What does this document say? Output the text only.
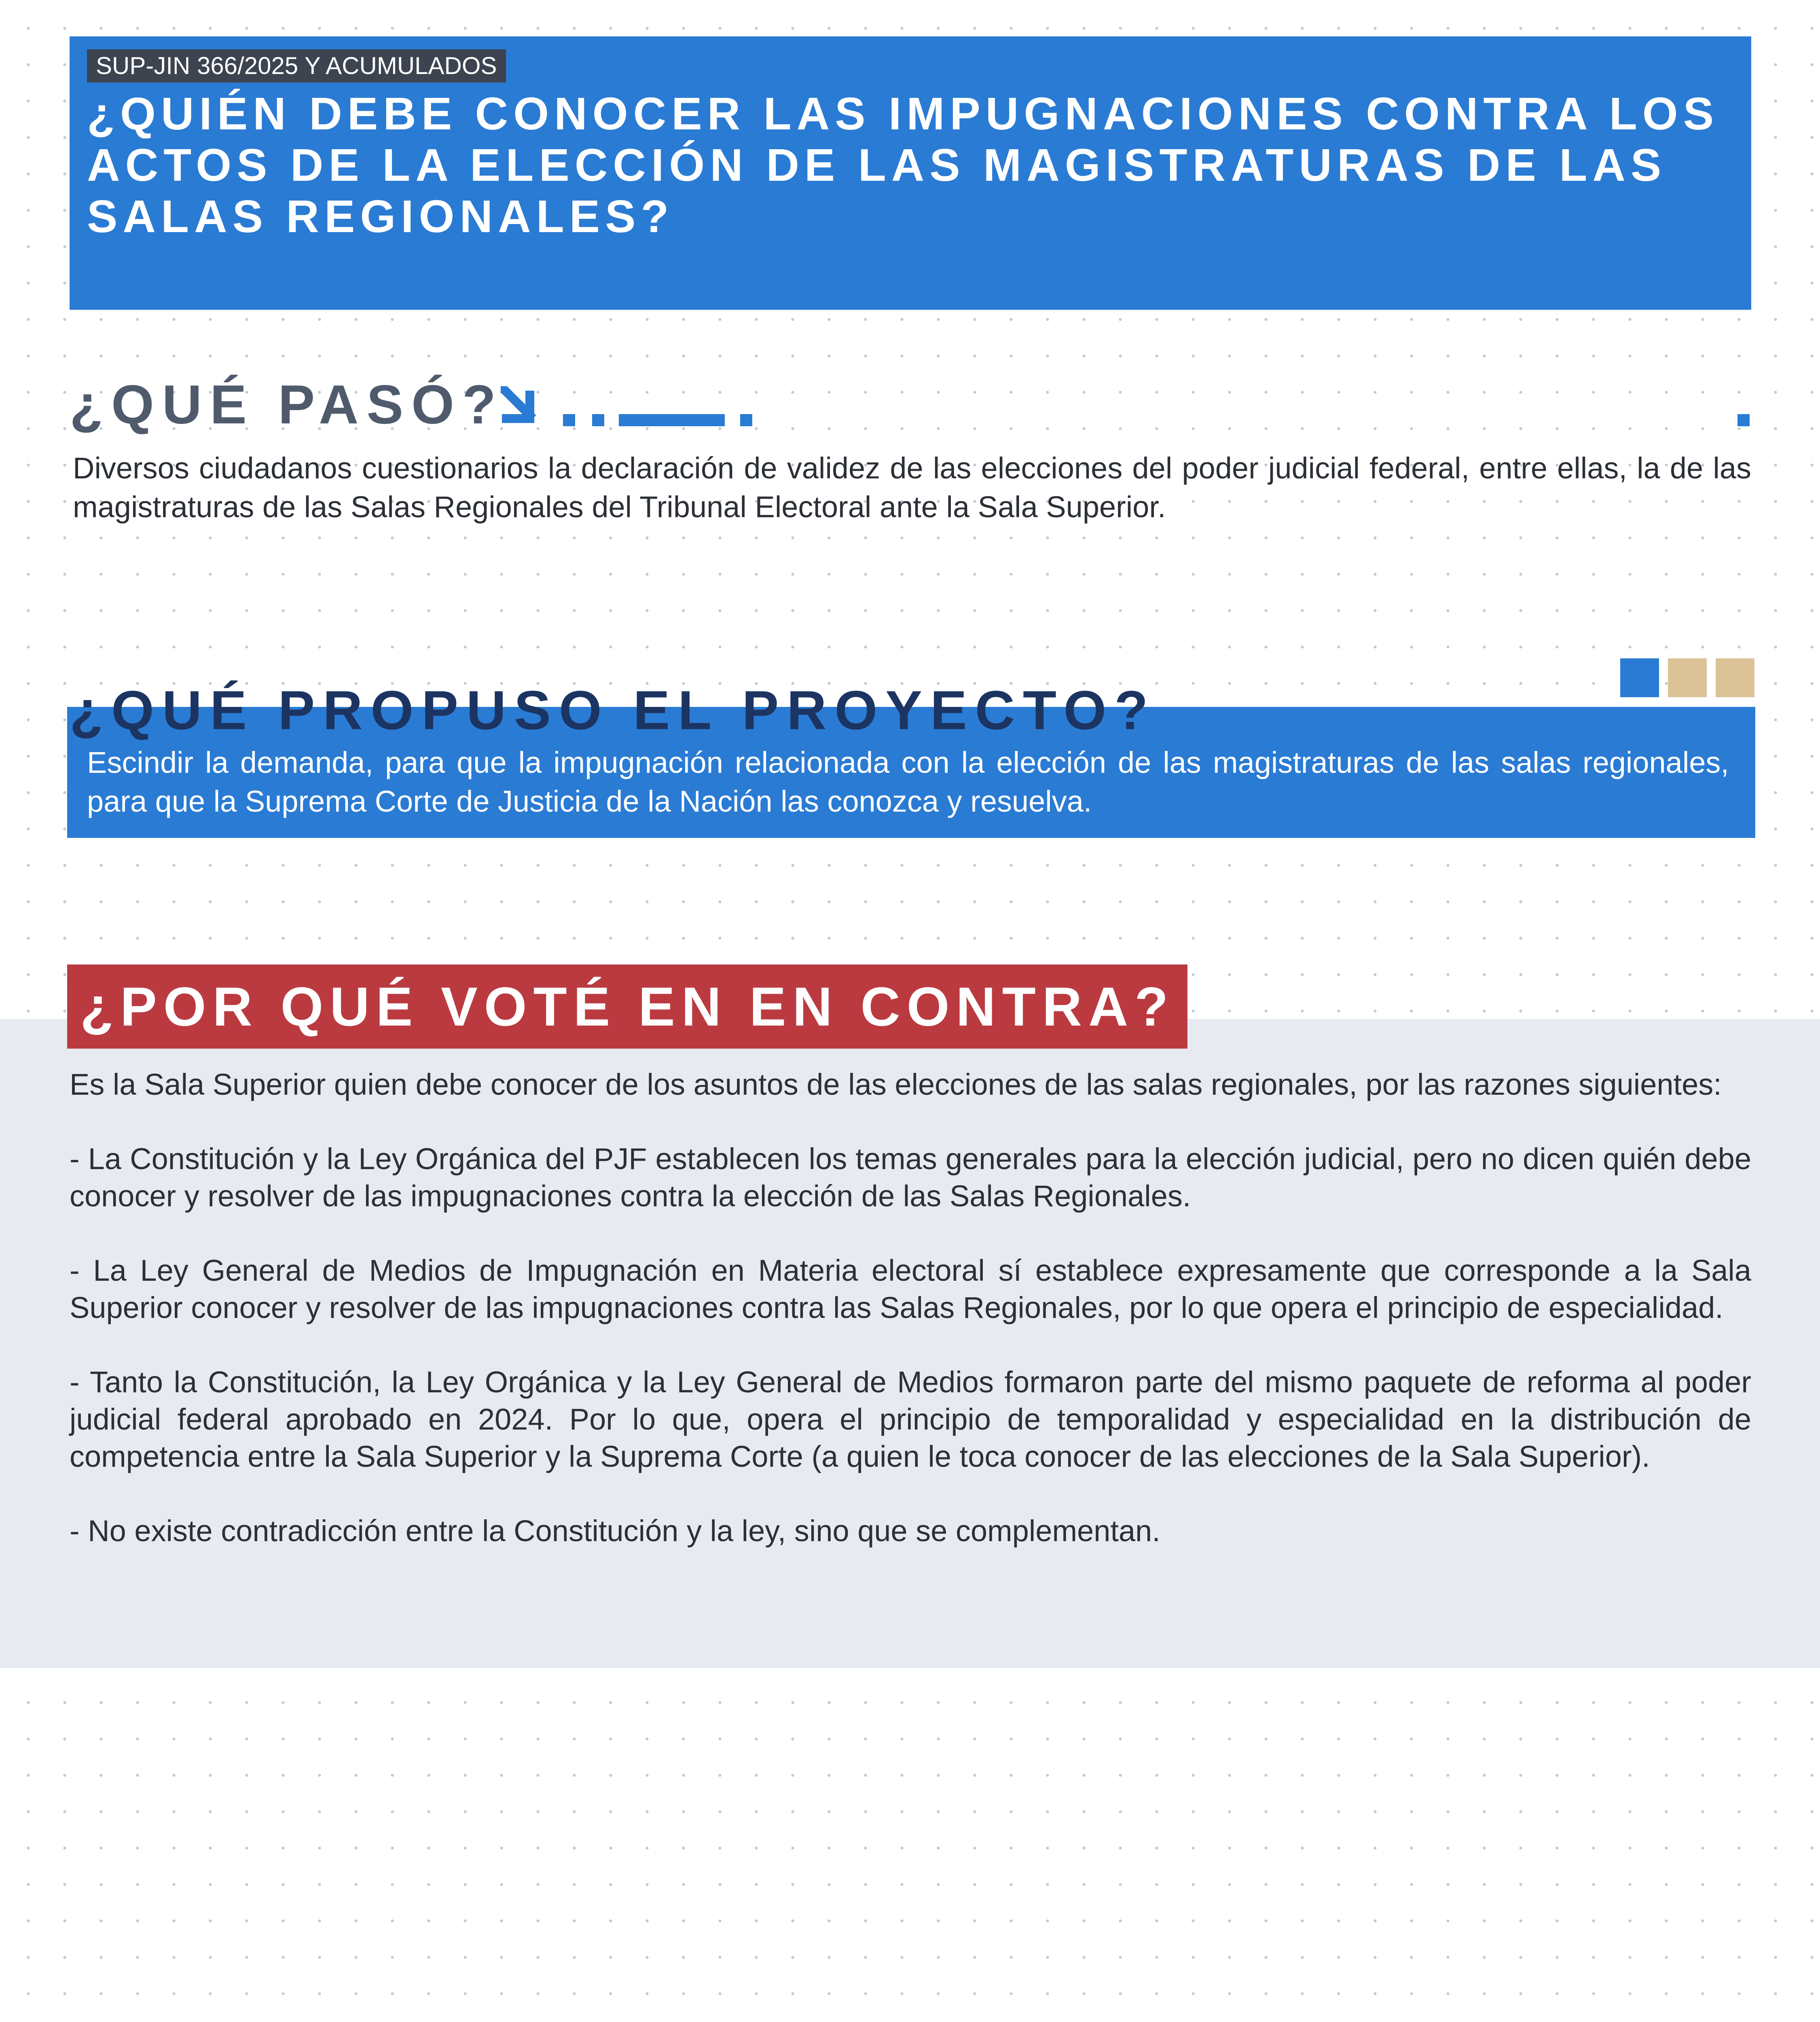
SUP-JIN 366/2025 Y ACUMULADOS
¿QUIÉN DEBE CONOCER LAS IMPUGNACIONES CONTRA LOS ACTOS DE LA ELECCIÓN DE LAS MAGISTRATURAS DE LAS SALAS REGIONALES?
¿QUÉ PASÓ?
Diversos ciudadanos cuestionarios la declaración de validez de las elecciones del poder judicial federal, entre ellas, la de las magistraturas de las Salas Regionales del Tribunal Electoral ante la Sala Superior.
¿QUÉ PROPUSO EL PROYECTO?
Escindir la demanda, para que la impugnación relacionada con la elección de las magistraturas de las salas regionales, para que la Suprema Corte de Justicia de la Nación las conozca y resuelva.
¿POR QUÉ VOTÉ EN EN CONTRA?

Es la Sala Superior quien debe conocer de los asuntos de las elecciones de las salas regionales, por las razones siguientes:

- La Constitución y la Ley Orgánica del PJF establecen los temas generales para la elección judicial, pero no dicen quién debe conocer y resolver de las impugnaciones contra la elección de las Salas Regionales.

- La Ley General de Medios de Impugnación en Materia electoral sí establece expresamente que corresponde a la Sala Superior conocer y resolver de las impugnaciones contra las Salas Regionales, por lo que opera el principio de especialidad.

- Tanto la Constitución, la Ley Orgánica y la Ley General de Medios formaron parte del mismo paquete de reforma al poder judicial federal aprobado en 2024. Por lo que, opera el principio de temporalidad y especialidad en la distribución de competencia entre la Sala Superior y la Suprema Corte (a quien le toca conocer de las elecciones de la Sala Superior).

- No existe contradicción entre la Constitución y la ley, sino que se complementan.
